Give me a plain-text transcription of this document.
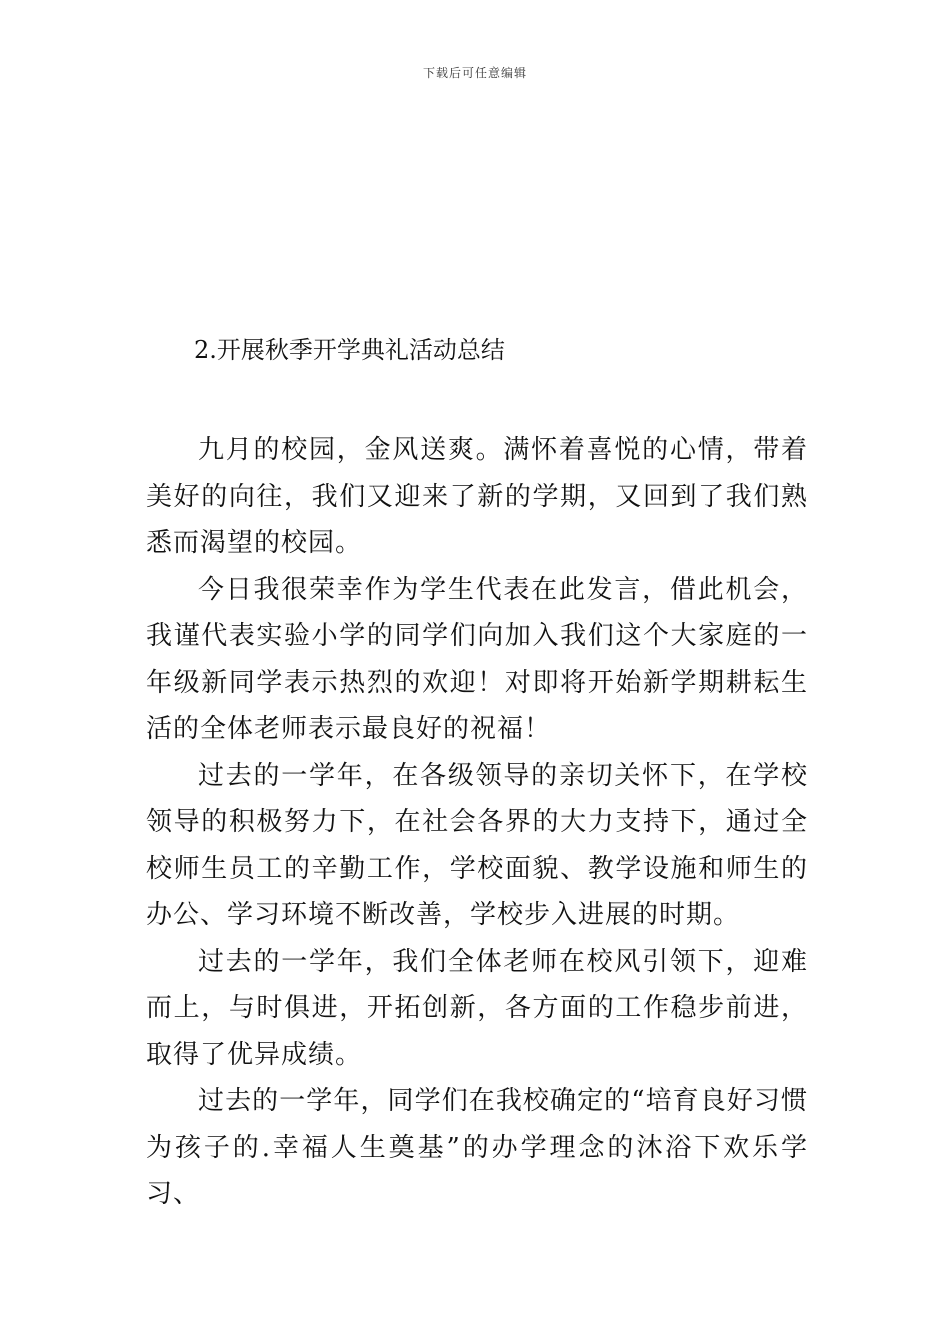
下载后可任意编辑
2.开展秋季开学典礼活动总结

九月的校园，金风送爽。满怀着喜悦的心情，带着美好的向往，我们又迎来了新的学期，又回到了我们熟悉而渴望的校园。

今日我很荣幸作为学生代表在此发言，借此机会，我谨代表实验小学的同学们向加入我们这个大家庭的一年级新同学表示热烈的欢迎！对即将开始新学期耕耘生活的全体老师表示最良好的祝福！

过去的一学年，在各级领导的亲切关怀下，在学校领导的积极努力下，在社会各界的大力支持下，通过全校师生员工的辛勤工作，学校面貌、教学设施和师生的办公、学习环境不断改善，学校步入进展的时期。

过去的一学年，我们全体老师在校风引领下，迎难而上，与时俱进，开拓创新，各方面的工作稳步前进，取得了优异成绩。

过去的一学年，同学们在我校确定的“培育良好习惯为孩子的.幸福人生奠基”的办学理念的沐浴下欢乐学习、
